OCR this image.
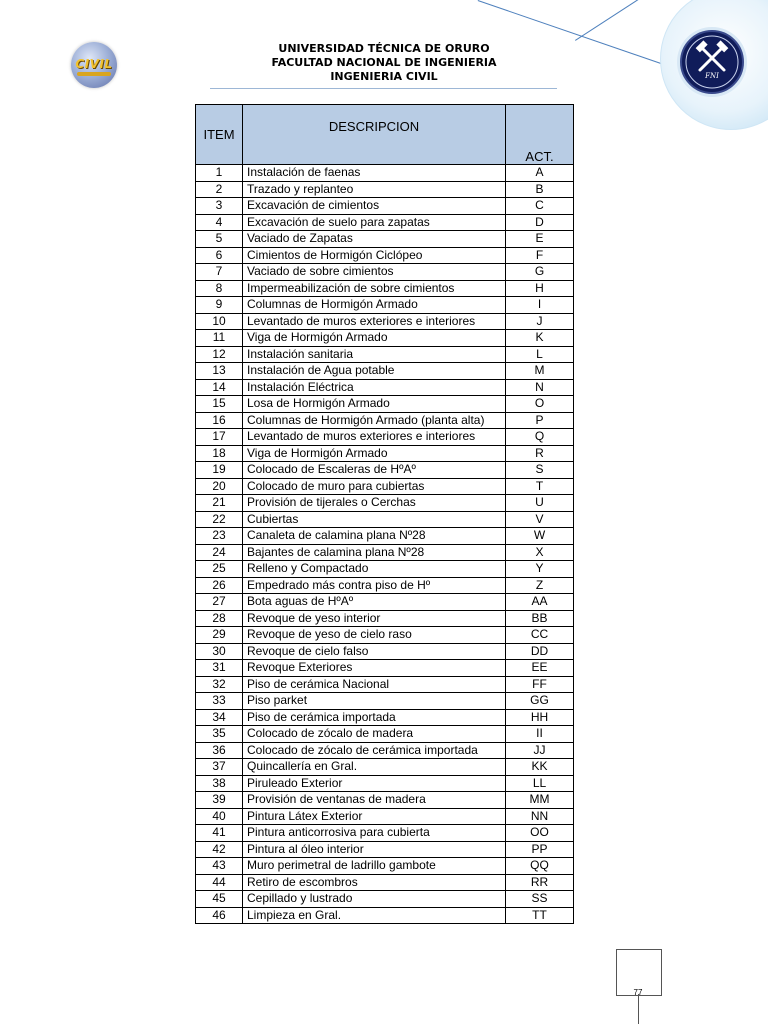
FNI
CIVIL
UNIVERSIDAD TÉCNICA DE ORURO
FACULTAD NACIONAL DE INGENIERIA
INGENIERIA CIVIL
ITEM	DESCRIPCION	ACT.
1	Instalación de faenas	A
2	Trazado y replanteo	B
3	Excavación de cimientos	C
4	Excavación de suelo para zapatas	D
5	Vaciado de Zapatas	E
6	Cimientos de Hormigón Ciclópeo	F
7	Vaciado de sobre cimientos	G
8	Impermeabilización de sobre cimientos	H
9	Columnas de Hormigón Armado	I
10	Levantado de muros exteriores e interiores	J
11	Viga de Hormigón Armado	K
12	Instalación sanitaria	L
13	Instalación de Agua potable	M
14	Instalación Eléctrica	N
15	Losa de Hormigón Armado	O
16	Columnas de Hormigón Armado (planta alta)	P
17	Levantado de muros exteriores e interiores	Q
18	Viga de Hormigón Armado	R
19	Colocado de Escaleras de HºAº	S
20	Colocado de muro para cubiertas	T
21	Provisión de tijerales o Cerchas	U
22	Cubiertas	V
23	Canaleta de calamina plana Nº28	W
24	Bajantes de calamina plana Nº28	X
25	Relleno y Compactado	Y
26	Empedrado más contra piso de Hº	Z
27	Bota aguas de HºAº	AA
28	Revoque de yeso interior	BB
29	Revoque de yeso de cielo raso	CC
30	Revoque de cielo falso	DD
31	Revoque Exteriores	EE
32	Piso de cerámica Nacional	FF
33	Piso parket	GG
34	Piso de cerámica importada	HH
35	Colocado de zócalo de madera	II
36	Colocado de zócalo de cerámica importada	JJ
37	Quincallería en Gral.	KK
38	Piruleado Exterior	LL
39	Provisión de ventanas de madera	MM
40	Pintura Látex Exterior	NN
41	Pintura anticorrosiva para cubierta	OO
42	Pintura al óleo interior	PP
43	Muro perimetral de ladrillo gambote	QQ
44	Retiro de escombros	RR
45	Cepillado y lustrado	SS
46	Limpieza en Gral.	TT
77
